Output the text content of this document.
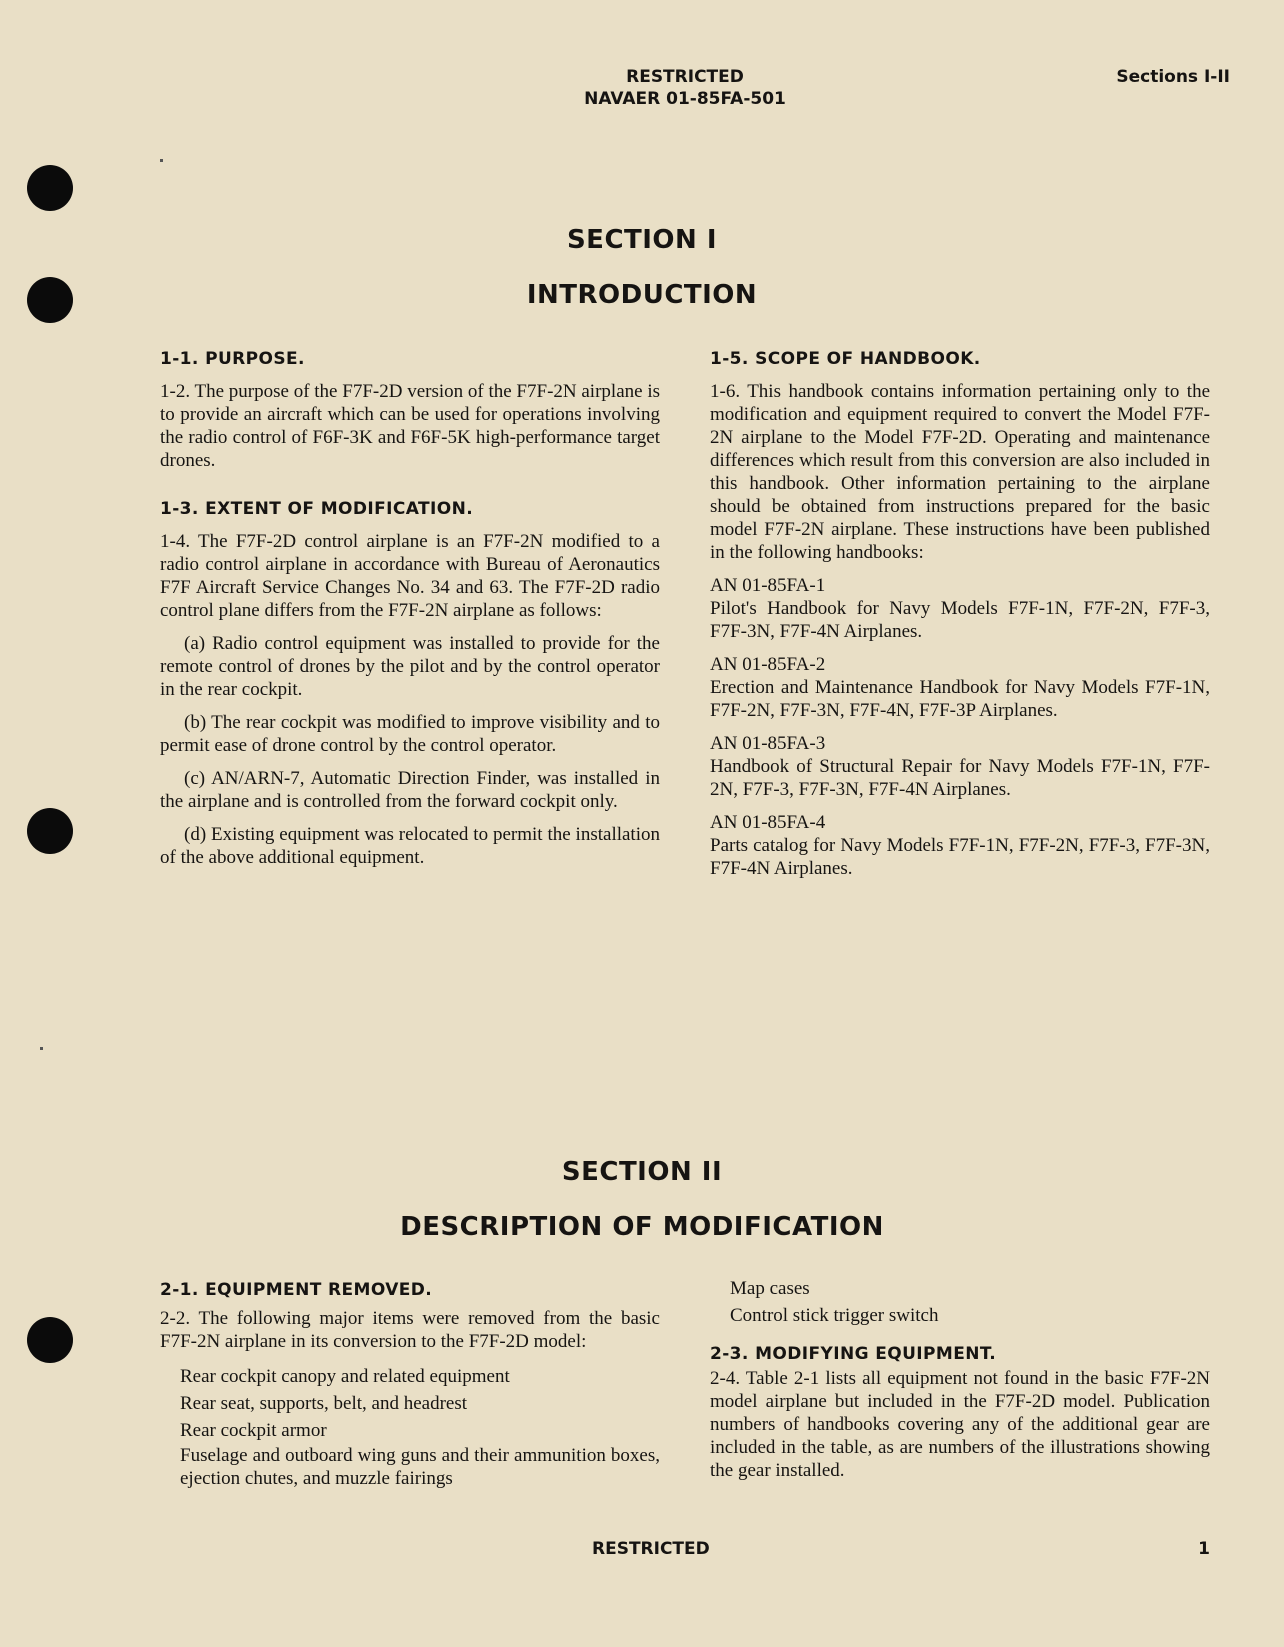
RESTRICTED
NAVAER 01-85FA-501
Sections I-II
SECTION I
INTRODUCTION
1-1. PURPOSE.

1-2. The purpose of the F7F-2D version of the F7F-2N airplane is to provide an aircraft which can be used for operations involving the radio control of F6F-3K and F6F-5K high-performance target drones.

1-3. EXTENT OF MODIFICATION.

1-4. The F7F-2D control airplane is an F7F-2N modified to a radio control airplane in accordance with Bureau of Aeronautics F7F Aircraft Service Changes No. 34 and 63. The F7F-2D radio control plane differs from the F7F-2N airplane as follows:

(a) Radio control equipment was installed to provide for the remote control of drones by the pilot and by the control operator in the rear cockpit.

(b) The rear cockpit was modified to improve visibility and to permit ease of drone control by the control operator.

(c) AN/ARN-7, Automatic Direction Finder, was installed in the airplane and is controlled from the forward cockpit only.

(d) Existing equipment was relocated to permit the installation of the above additional equipment.

1-5. SCOPE OF HANDBOOK.

1-6. This handbook contains information pertaining only to the modification and equipment required to convert the Model F7F-2N airplane to the Model F7F-2D. Operating and maintenance differences which result from this conversion are also included in this handbook. Other information pertaining to the airplane should be obtained from instructions prepared for the basic model F7F-2N airplane. These instructions have been published in the following handbooks:

AN 01-85FA-1

Pilot's Handbook for Navy Models F7F-1N, F7F-2N, F7F-3, F7F-3N, F7F-4N Airplanes.

AN 01-85FA-2

Erection and Maintenance Handbook for Navy Models F7F-1N, F7F-2N, F7F-3N, F7F-4N, F7F-3P Airplanes.

AN 01-85FA-3

Handbook of Structural Repair for Navy Models F7F-1N, F7F-2N, F7F-3, F7F-3N, F7F-4N Airplanes.

AN 01-85FA-4

Parts catalog for Navy Models F7F-1N, F7F-2N, F7F-3, F7F-3N, F7F-4N Airplanes.

SECTION II
DESCRIPTION OF MODIFICATION
2-1. EQUIPMENT REMOVED.

2-2. The following major items were removed from the basic F7F-2N airplane in its conversion to the F7F-2D model:

Rear cockpit canopy and related equipment
Rear seat, supports, belt, and headrest
Rear cockpit armor
Fuselage and outboard wing guns and their ammunition boxes, ejection chutes, and muzzle fairings
Map cases
Control stick trigger switch
2-3. MODIFYING EQUIPMENT.

2-4. Table 2-1 lists all equipment not found in the basic F7F-2N model airplane but included in the F7F-2D model. Publication numbers of handbooks covering any of the additional gear are included in the table, as are numbers of the illustrations showing the gear installed.

RESTRICTED	1
